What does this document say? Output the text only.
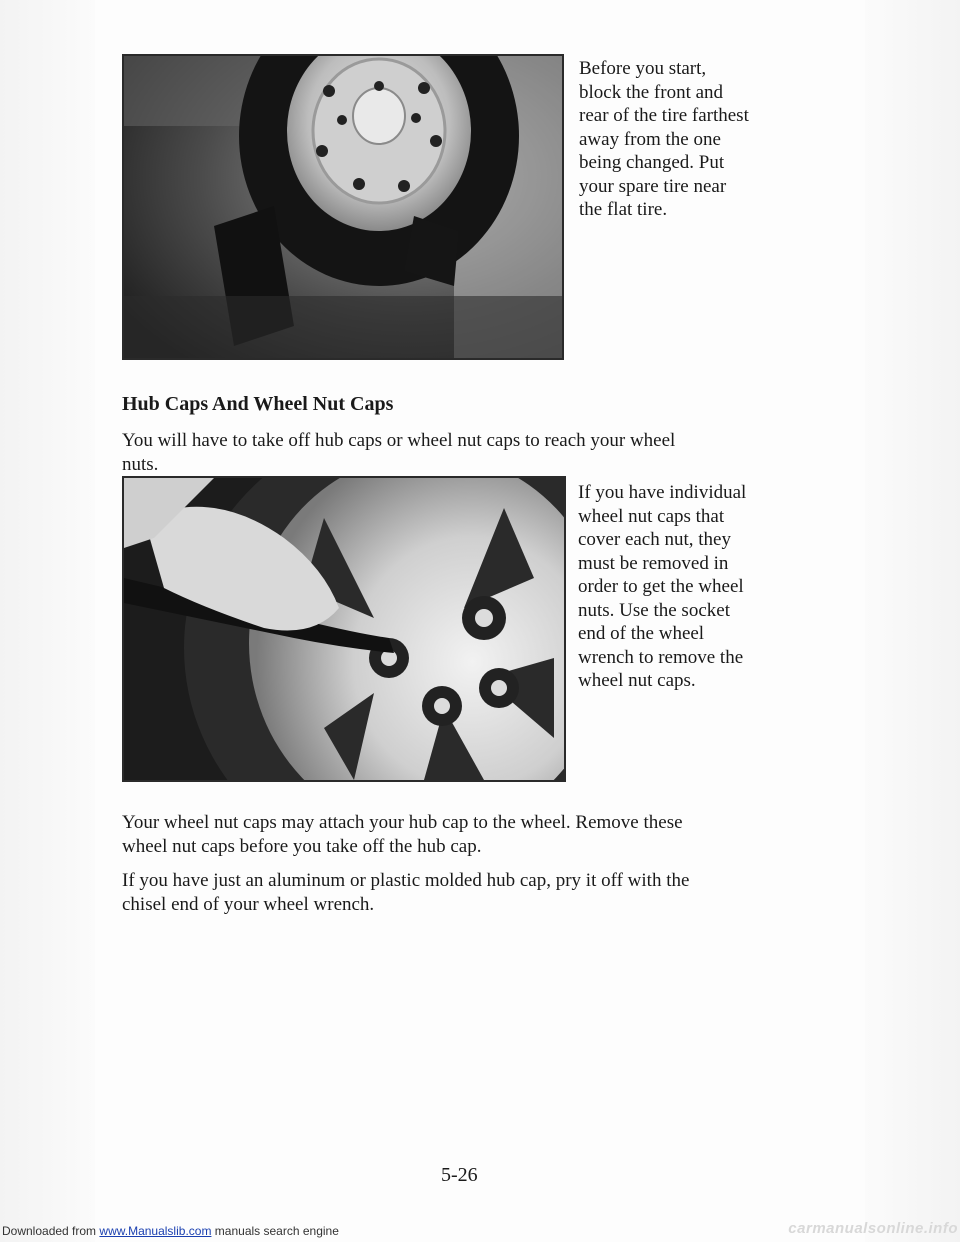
Before you start,
block the front and
rear of the tire farthest
away from the one
being changed. Put
your spare tire near
the flat tire.
Hub Caps And Wheel Nut Caps
You will have to take off hub caps or wheel nut caps to reach your wheel
nuts.
If you have individual
wheel nut caps that
cover each nut, they
must be removed in
order to get the wheel
nuts. Use the socket
end of the wheel
wrench to remove the
wheel nut caps.
Your wheel nut caps may attach your hub cap to the wheel. Remove these
wheel nut caps before you take off the hub cap.
If you have just an aluminum or plastic molded hub cap, pry it off with the
chisel end of your wheel wrench.
5-26
Downloaded from www.Manualslib.com manuals search engine	carmanualsonline.info
